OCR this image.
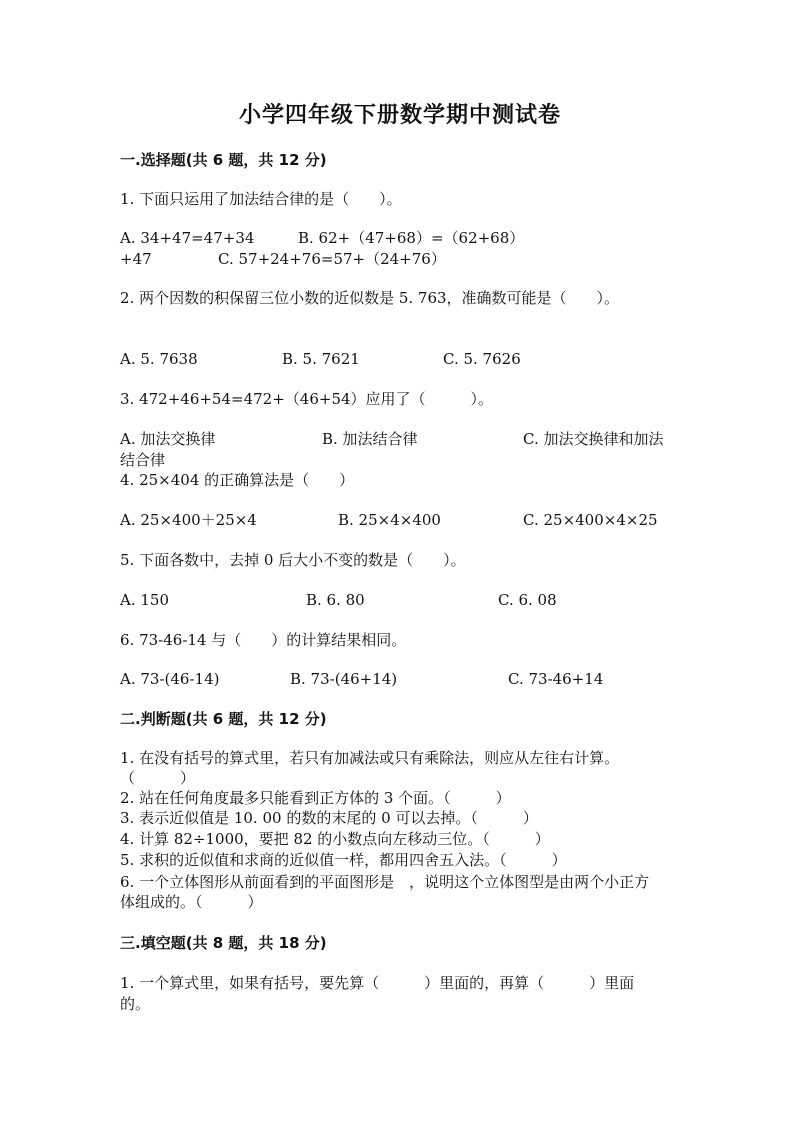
小学四年级下册数学期中测试卷
一.选择题(共 6 题，共 12 分)
1. 下面只运用了加法结合律的是（　　）。
A. 34+47=47+34	B. 62+（47+68）=（62+68）
+47	C. 57+24+76=57+（24+76）
2. 两个因数的积保留三位小数的近似数是 5. 763，准确数可能是（　　）。
A. 5. 7638	B. 5. 7621	C. 5. 7626
3. 472+46+54=472+（46+54）应用了（　　　）。
A. 加法交换律	B. 加法结合律	C. 加法交换律和加法
结合律
4. 25×404 的正确算法是（　　）
A. 25×400＋25×4	B. 25×4×400	C. 25×400×4×25
5. 下面各数中，去掉 0 后大小不变的数是（　　）。
A. 150	B. 6. 80	C. 6. 08
6. 73-46-14 与（　　）的计算结果相同。
A. 73-(46-14)	B. 73-(46+14)	C. 73-46+14
二.判断题(共 6 题，共 12 分)
1. 在没有括号的算式里，若只有加减法或只有乘除法，则应从左往右计算。
（　　　）
2. 站在任何角度最多只能看到正方体的 3 个面。（　　　）
3. 表示近似值是 10. 00 的数的末尾的 0 可以去掉。（　　　）
4. 计算 82÷1000，要把 82 的小数点向左移动三位。（　　　）
5. 求积的近似值和求商的近似值一样，都用四舍五入法。（　　　）
6. 一个立体图形从前面看到的平面图形是　，说明这个立体图型是由两个小正方
体组成的。（　　　）
三.填空题(共 8 题，共 18 分)
1. 一个算式里，如果有括号，要先算（　　　）里面的，再算（　　　）里面
的。
